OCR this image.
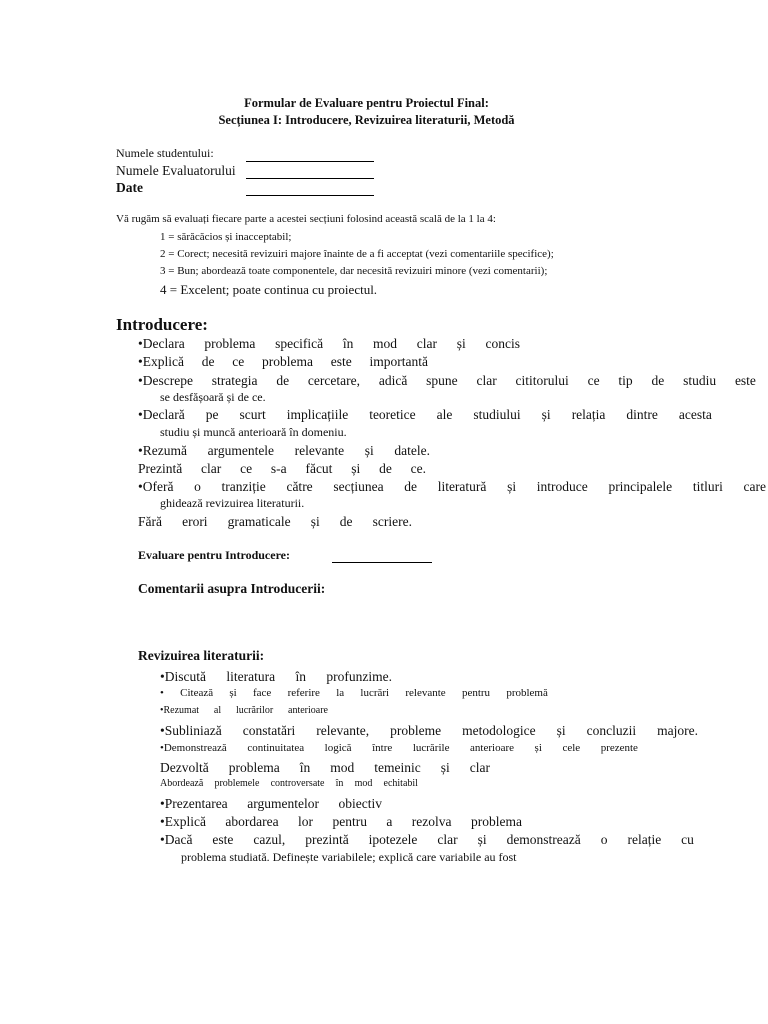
Formular de Evaluare pentru Proiectul Final:
Secțiunea I: Introducere, Revizuirea literaturii, Metodă
Numele studentului:
Numele Evaluatorului
Date
Vă rugăm să evaluați fiecare parte a acestei secțiuni folosind această scală de la 1 la 4:
1 = sărăcăcios și inacceptabil;
2 = Corect; necesită revizuiri majore înainte de a fi acceptat (vezi comentariile specifice);
3 = Bun; abordează toate componentele, dar necesită revizuiri minore (vezi comentarii);
4 = Excelent; poate continua cu proiectul.
Introducere:
•Declara problema specifică în mod clar și concis
•Explică de ce problema este importantă
•Descrepe strategia de cercetare, adică spune clar cititorului ce tip de studiu este
se desfășoară și de ce.
•Declară pe scurt implicațiile teoretice ale studiului și relația dintre acesta
studiu și muncă anterioară în domeniu.
•Rezumă argumentele relevante și datele.
Prezintă clar ce s-a făcut și de ce.
•Oferă o tranziție către secțiunea de literatură și introduce principalele titluri care
ghidează revizuirea literaturii.
Fără erori gramaticale și de scriere.
Evaluare pentru Introducere:
Comentarii asupra Introducerii:
Revizuirea literaturii:
•Discută literatura în profunzime.
• Citează și face referire la lucrări relevante pentru problemă
•Rezumat al lucrărilor anterioare
•Subliniază constatări relevante, probleme metodologice și concluzii majore.
•Demonstrează continuitatea logică între lucrările anterioare și cele prezente
Dezvoltă problema în mod temeinic și clar
Abordează problemele controversate în mod echitabil
•Prezentarea argumentelor obiectiv
•Explică abordarea lor pentru a rezolva problema
•Dacă este cazul, prezintă ipotezele clar și demonstrează o relație cu
problema studiată. Definește variabilele; explică care variabile au fost
